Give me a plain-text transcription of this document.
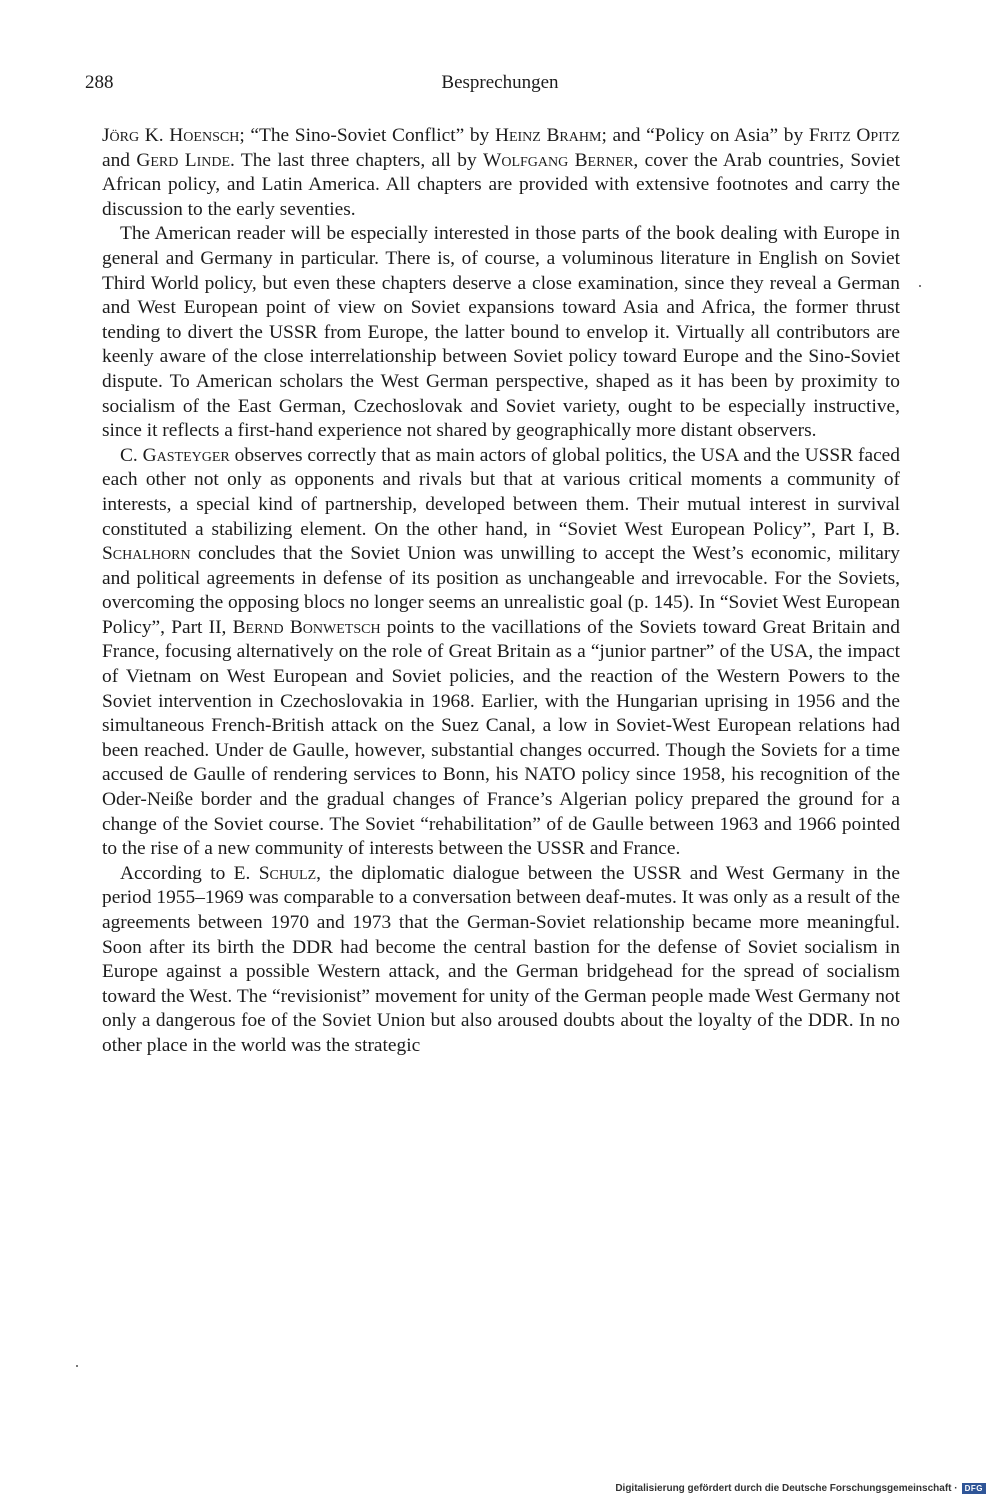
288	Besprechungen

Jörg K. Hoensch; “The Sino-Soviet Conflict” by Heinz Brahm; and “Policy on Asia” by Fritz Opitz and Gerd Linde. The last three chapters, all by Wolfgang Berner, cover the Arab countries, Soviet African policy, and Latin America. All chapters are provided with extensive footnotes and carry the discussion to the early seventies.

The American reader will be especially interested in those parts of the book dealing with Europe in general and Germany in particular. There is, of course, a voluminous literature in English on Soviet Third World policy, but even these chapters deserve a close examination, since they reveal a German and West European point of view on Soviet expansions toward Asia and Africa, the former thrust tending to divert the USSR from Europe, the latter bound to envelop it. Virtually all contributors are keenly aware of the close interrelationship between Soviet policy toward Europe and the Sino-Soviet dispute. To American scholars the West German perspective, shaped as it has been by proximity to socialism of the East German, Czechoslovak and Soviet variety, ought to be especially instructive, since it reflects a first-hand experience not shared by geographically more distant observers.

C. Gasteyger observes correctly that as main actors of global politics, the USA and the USSR faced each other not only as opponents and rivals but that at various critical moments a community of interests, a special kind of partnership, developed between them. Their mutual interest in survival constituted a stabilizing element. On the other hand, in “Soviet West European Policy”, Part I, B. Schalhorn concludes that the Soviet Union was unwilling to accept the West’s economic, military and political agreements in defense of its position as unchangeable and irrevocable. For the Soviets, overcoming the opposing blocs no longer seems an unrealistic goal (p. 145). In “Soviet West European Policy”, Part II, Bernd Bonwetsch points to the vacillations of the Soviets toward Great Britain and France, focusing alternatively on the role of Great Britain as a “junior partner” of the USA, the impact of Vietnam on West European and Soviet policies, and the reaction of the Western Powers to the Soviet intervention in Czechoslovakia in 1968. Earlier, with the Hungarian uprising in 1956 and the simultaneous French-British attack on the Suez Canal, a low in Soviet-West European relations had been reached. Under de Gaulle, however, substantial changes occurred. Though the Soviets for a time accused de Gaulle of rendering services to Bonn, his NATO policy since 1958, his recognition of the Oder-Neiße border and the gradual changes of France’s Algerian policy prepared the ground for a change of the Soviet course. The Soviet “rehabilitation” of de Gaulle between 1963 and 1966 pointed to the rise of a new community of interests between the USSR and France.

According to E. Schulz, the diplomatic dialogue between the USSR and West Germany in the period 1955–1969 was comparable to a conversation between deaf-mutes. It was only as a result of the agreements between 1970 and 1973 that the German-Soviet relationship became more meaningful. Soon after its birth the DDR had become the central bastion for the defense of Soviet socialism in Europe against a possible Western attack, and the German bridgehead for the spread of socialism toward the West. The “revisionist” movement for unity of the German people made West Germany not only a dangerous foe of the Soviet Union but also aroused doubts about the loyalty of the DDR. In no other place in the world was the strategic

Digitalisierung gefördert durch die Deutsche Forschungsgemeinschaft · DFG
